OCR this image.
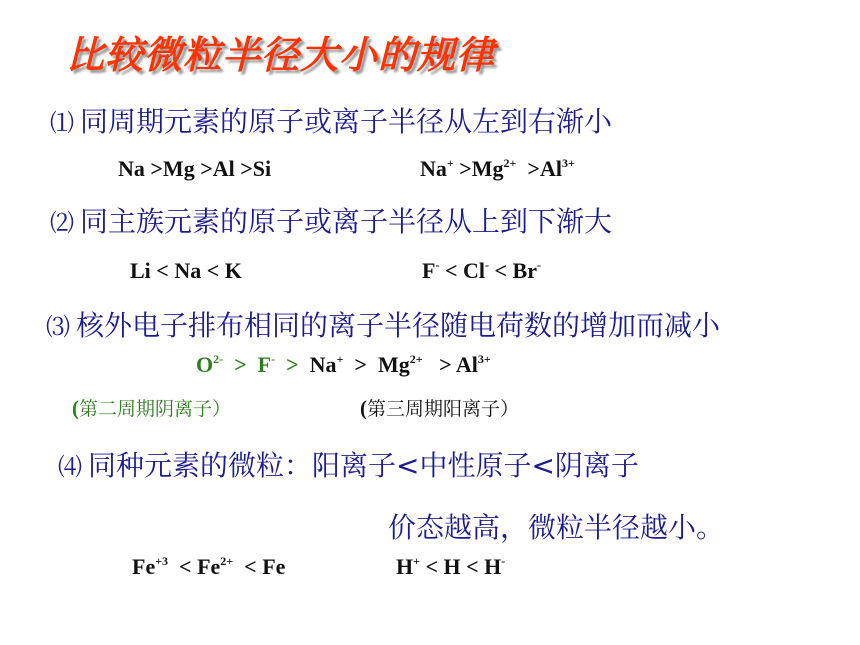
比较微粒半径大小的规律
⑴ 同周期元素的原子或离子半径从左到右渐小
Na >Mg >Al >Si	$Na^+ >Mg^{2+} >Al^{3+}$
⑵ 同主族元素的原子或离子半径从上到下渐大
Li < Na < K	F- < Cl- < Br-
⑶ 核外电子排布相同的离子半径随电荷数的增加而减小
$O^{2-} > F^- > Na^+ > Mg^{2+} > Al^{3+}$
(第二周期阴离子）	(第三周期阳离子）
⑷ 同种元素的微粒：阳离子<中性原子<阴离子
价态越高，微粒半径越小。
$Fe^{+3} < Fe^{2+} < Fe$	H+ < H < H-
